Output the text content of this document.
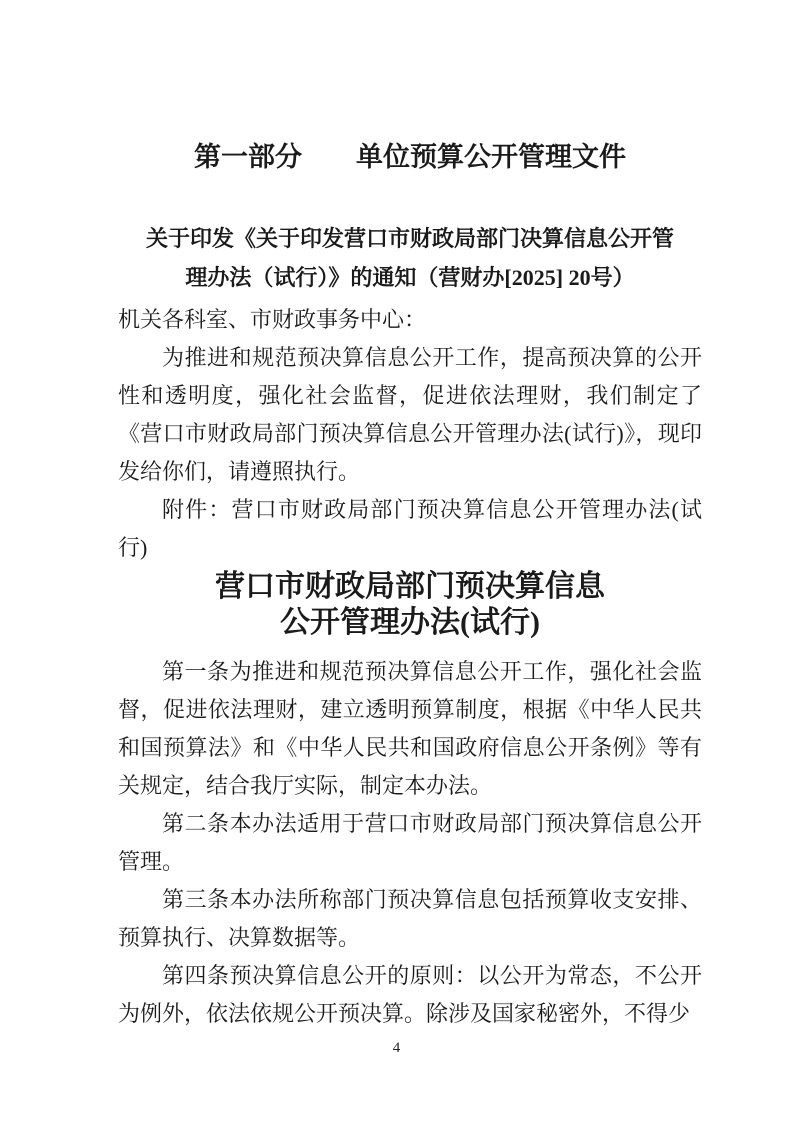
第一部分　　单位预算公开管理文件
关于印发《关于印发营口市财政局部门决算信息公开管
理办法（试行）》的通知（营财办[2025] 20号）

机关各科室、市财政事务中心：

为推进和规范预决算信息公开工作，提高预决算的公开性和透明度，强化社会监督，促进依法理财，我们制定了《营口市财政局部门预决算信息公开管理办法(试行)》，现印发给你们，请遵照执行。

附件：营口市财政局部门预决算信息公开管理办法(试行)

营口市财政局部门预决算信息
公开管理办法(试行)

第一条为推进和规范预决算信息公开工作，强化社会监督，促进依法理财，建立透明预算制度，根据《中华人民共和国预算法》和《中华人民共和国政府信息公开条例》等有关规定，结合我厅实际，制定本办法。

第二条本办法适用于营口市财政局部门预决算信息公开管理。

第三条本办法所称部门预决算信息包括预算收支安排、预算执行、决算数据等。

第四条预决算信息公开的原则：以公开为常态，不公开为例外，依法依规公开预决算。除涉及国家秘密外，不得少

4
